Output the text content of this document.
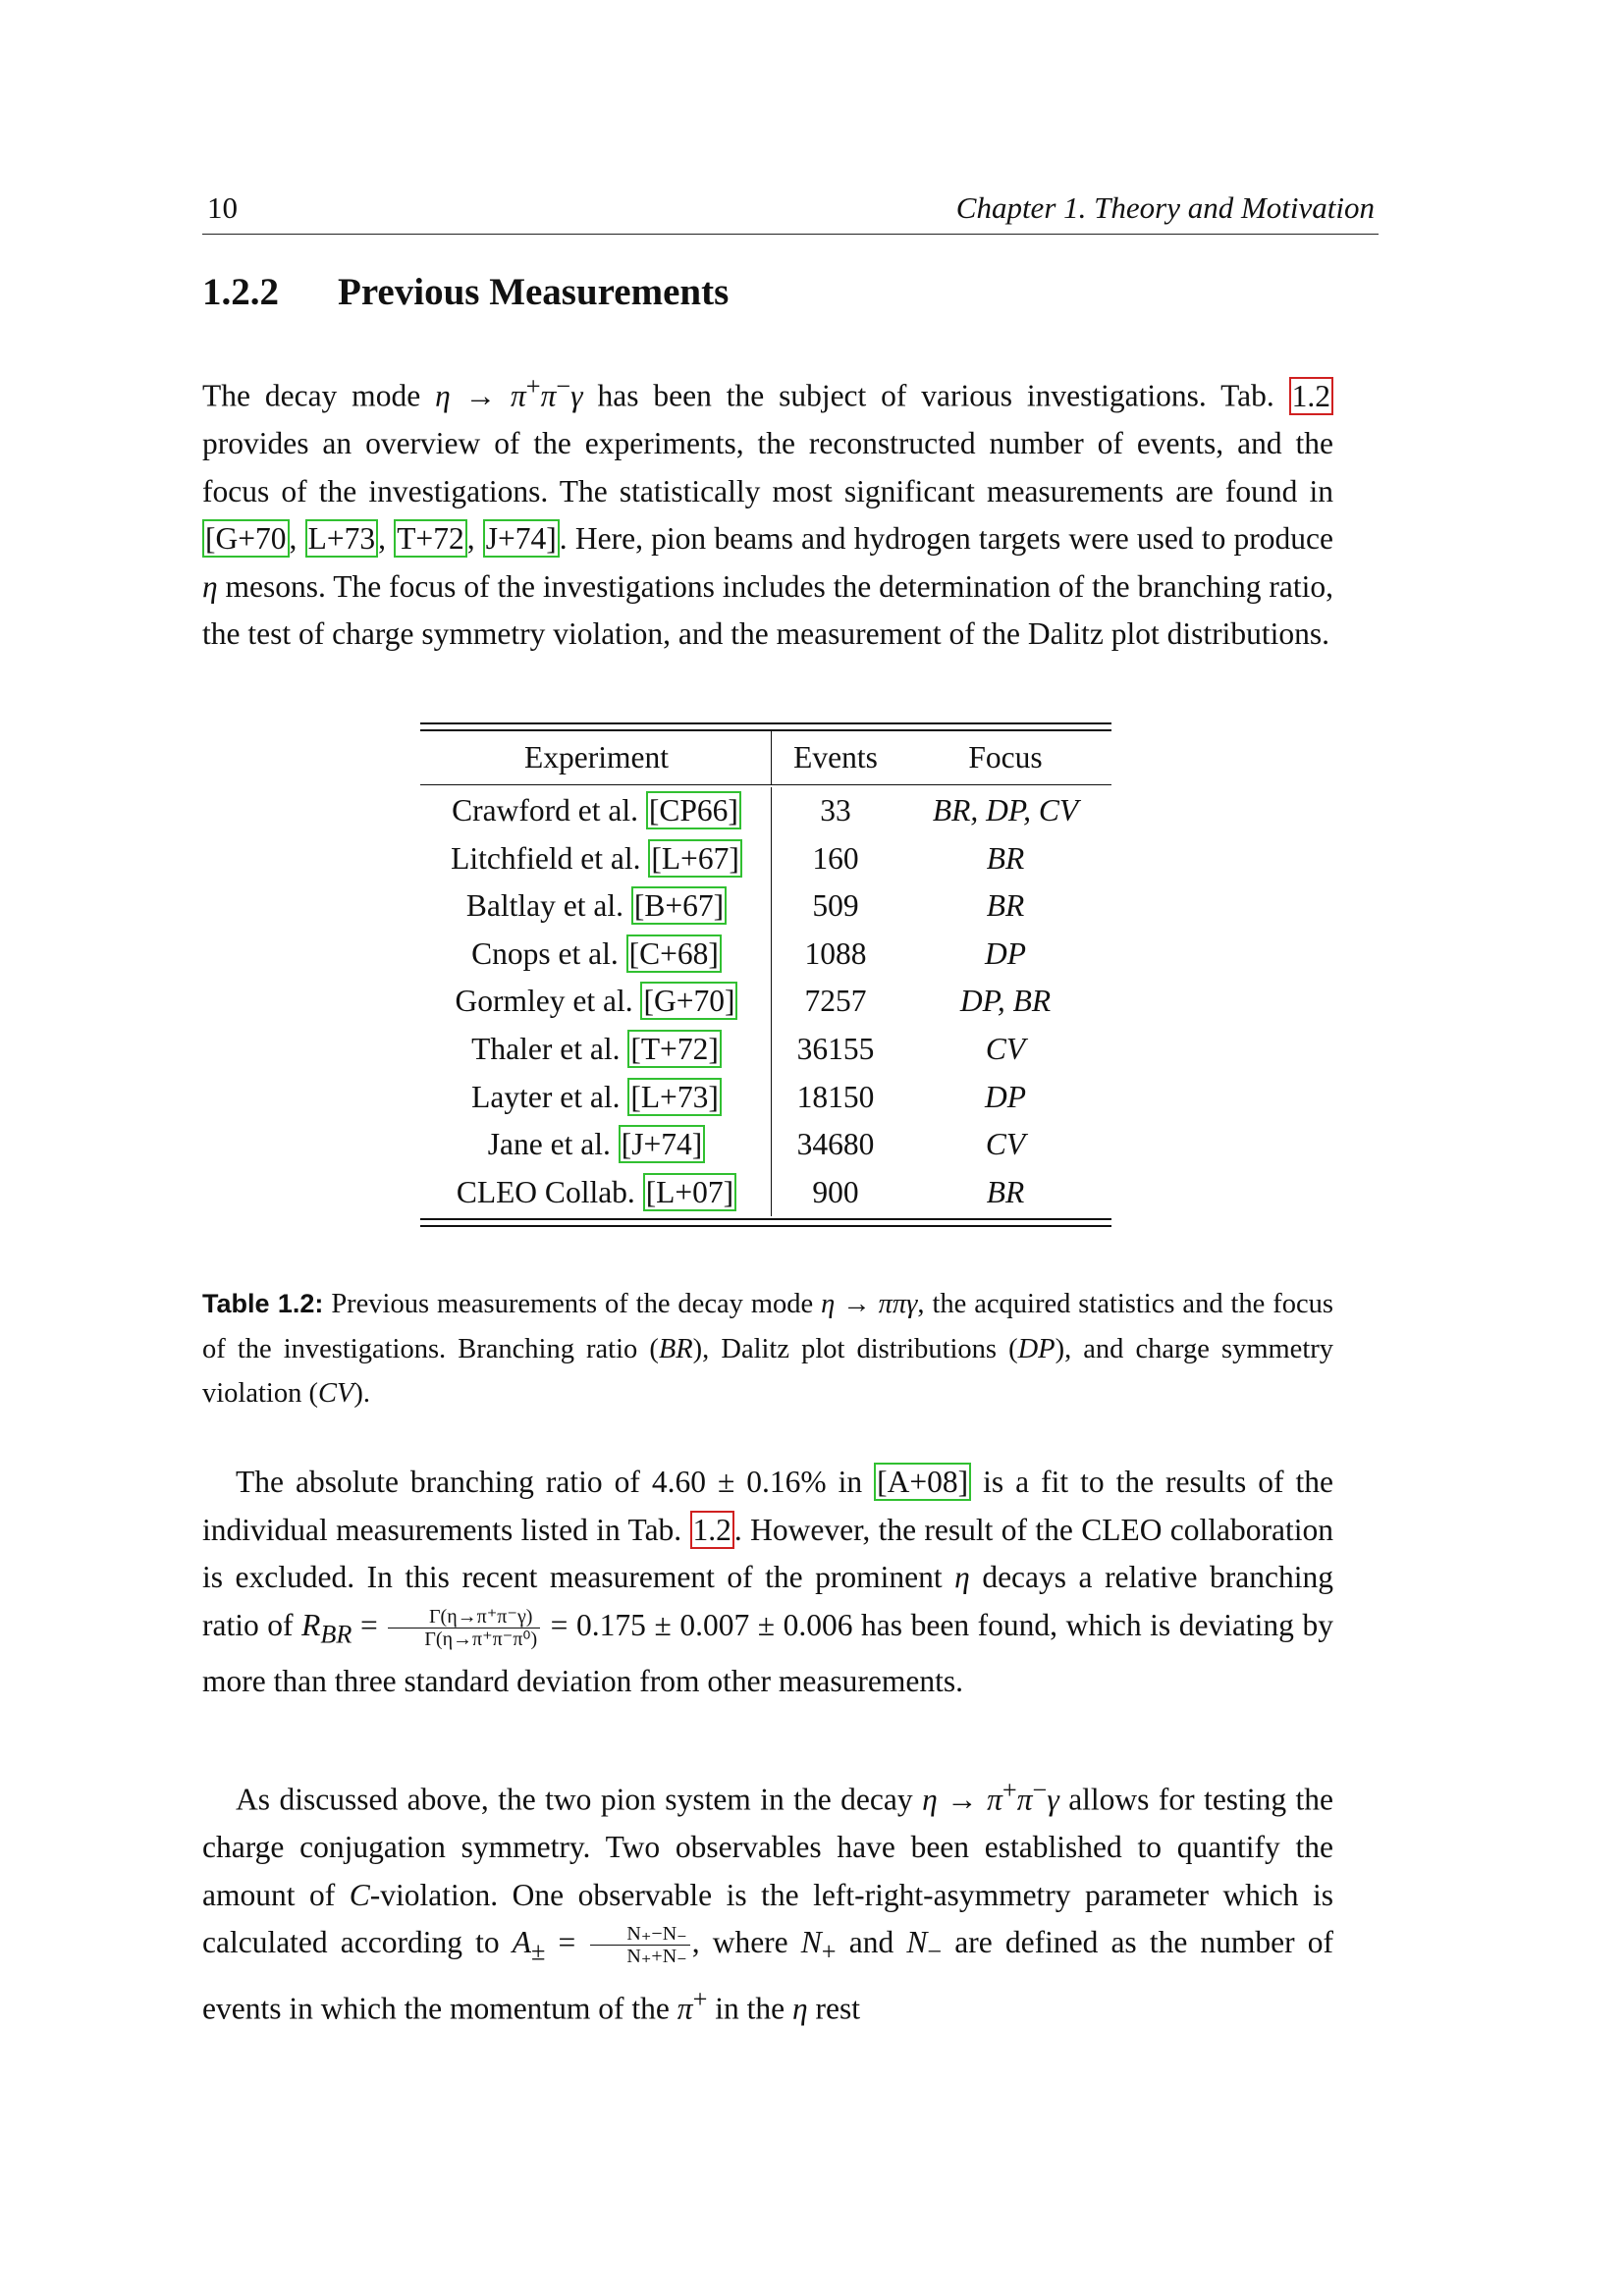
10	Chapter 1. Theory and Motivation
1.2.2 Previous Measurements

The decay mode η → π+π−γ has been the subject of various investigations. Tab. 1.2 provides an overview of the experiments, the reconstructed number of events, and the focus of the investigations. The statistically most significant measurements are found in [G+70, L+73, T+72, J+74]. Here, pion beams and hydrogen targets were used to produce η mesons. The focus of the investigations includes the determination of the branching ratio, the test of charge symmetry violation, and the measurement of the Dalitz plot distributions.

Experiment	Events	Focus
Crawford et al. [CP66]	33	BR, DP, CV
Litchfield et al. [L+67]	160	BR
Baltlay et al. [B+67]	509	BR
Cnops et al. [C+68]	1088	DP
Gormley et al. [G+70]	7257	DP, BR
Thaler et al. [T+72]	36155	CV
Layter et al. [L+73]	18150	DP
Jane et al. [J+74]	34680	CV
CLEO Collab. [L+07]	900	BR
Table 1.2: Previous measurements of the decay mode η → ππγ, the acquired statistics and the focus of the investigations. Branching ratio (BR), Dalitz plot distributions (DP), and charge symmetry violation (CV).

The absolute branching ratio of 4.60 ± 0.16% in [A+08] is a fit to the results of the individual measurements listed in Tab. 1.2. However, the result of the CLEO collaboration is excluded. In this recent measurement of the prominent η decays a relative branching ratio of $R_{BR} = \frac{\Gamma(\eta\to\pi^+\pi^-\gamma)}{\text{Γ(η→π⁺π⁻π⁰)}} = 0.175 \pm 0.007 \pm 0.006$ has been found, which is deviating by more than three standard deviation from other measurements.

As discussed above, the two pion system in the decay η → π+π−γ allows for testing the charge conjugation symmetry. Two observables have been established to quantify the amount of C-violation. One observable is the left-right-asymmetry parameter which is calculated according to $A_\pm = \frac{N_+-N_-}{N_++N_-}$ , where $N_+$ and $N_-$ are defined as the number of events in which the momentum of the π+ in the η rest
